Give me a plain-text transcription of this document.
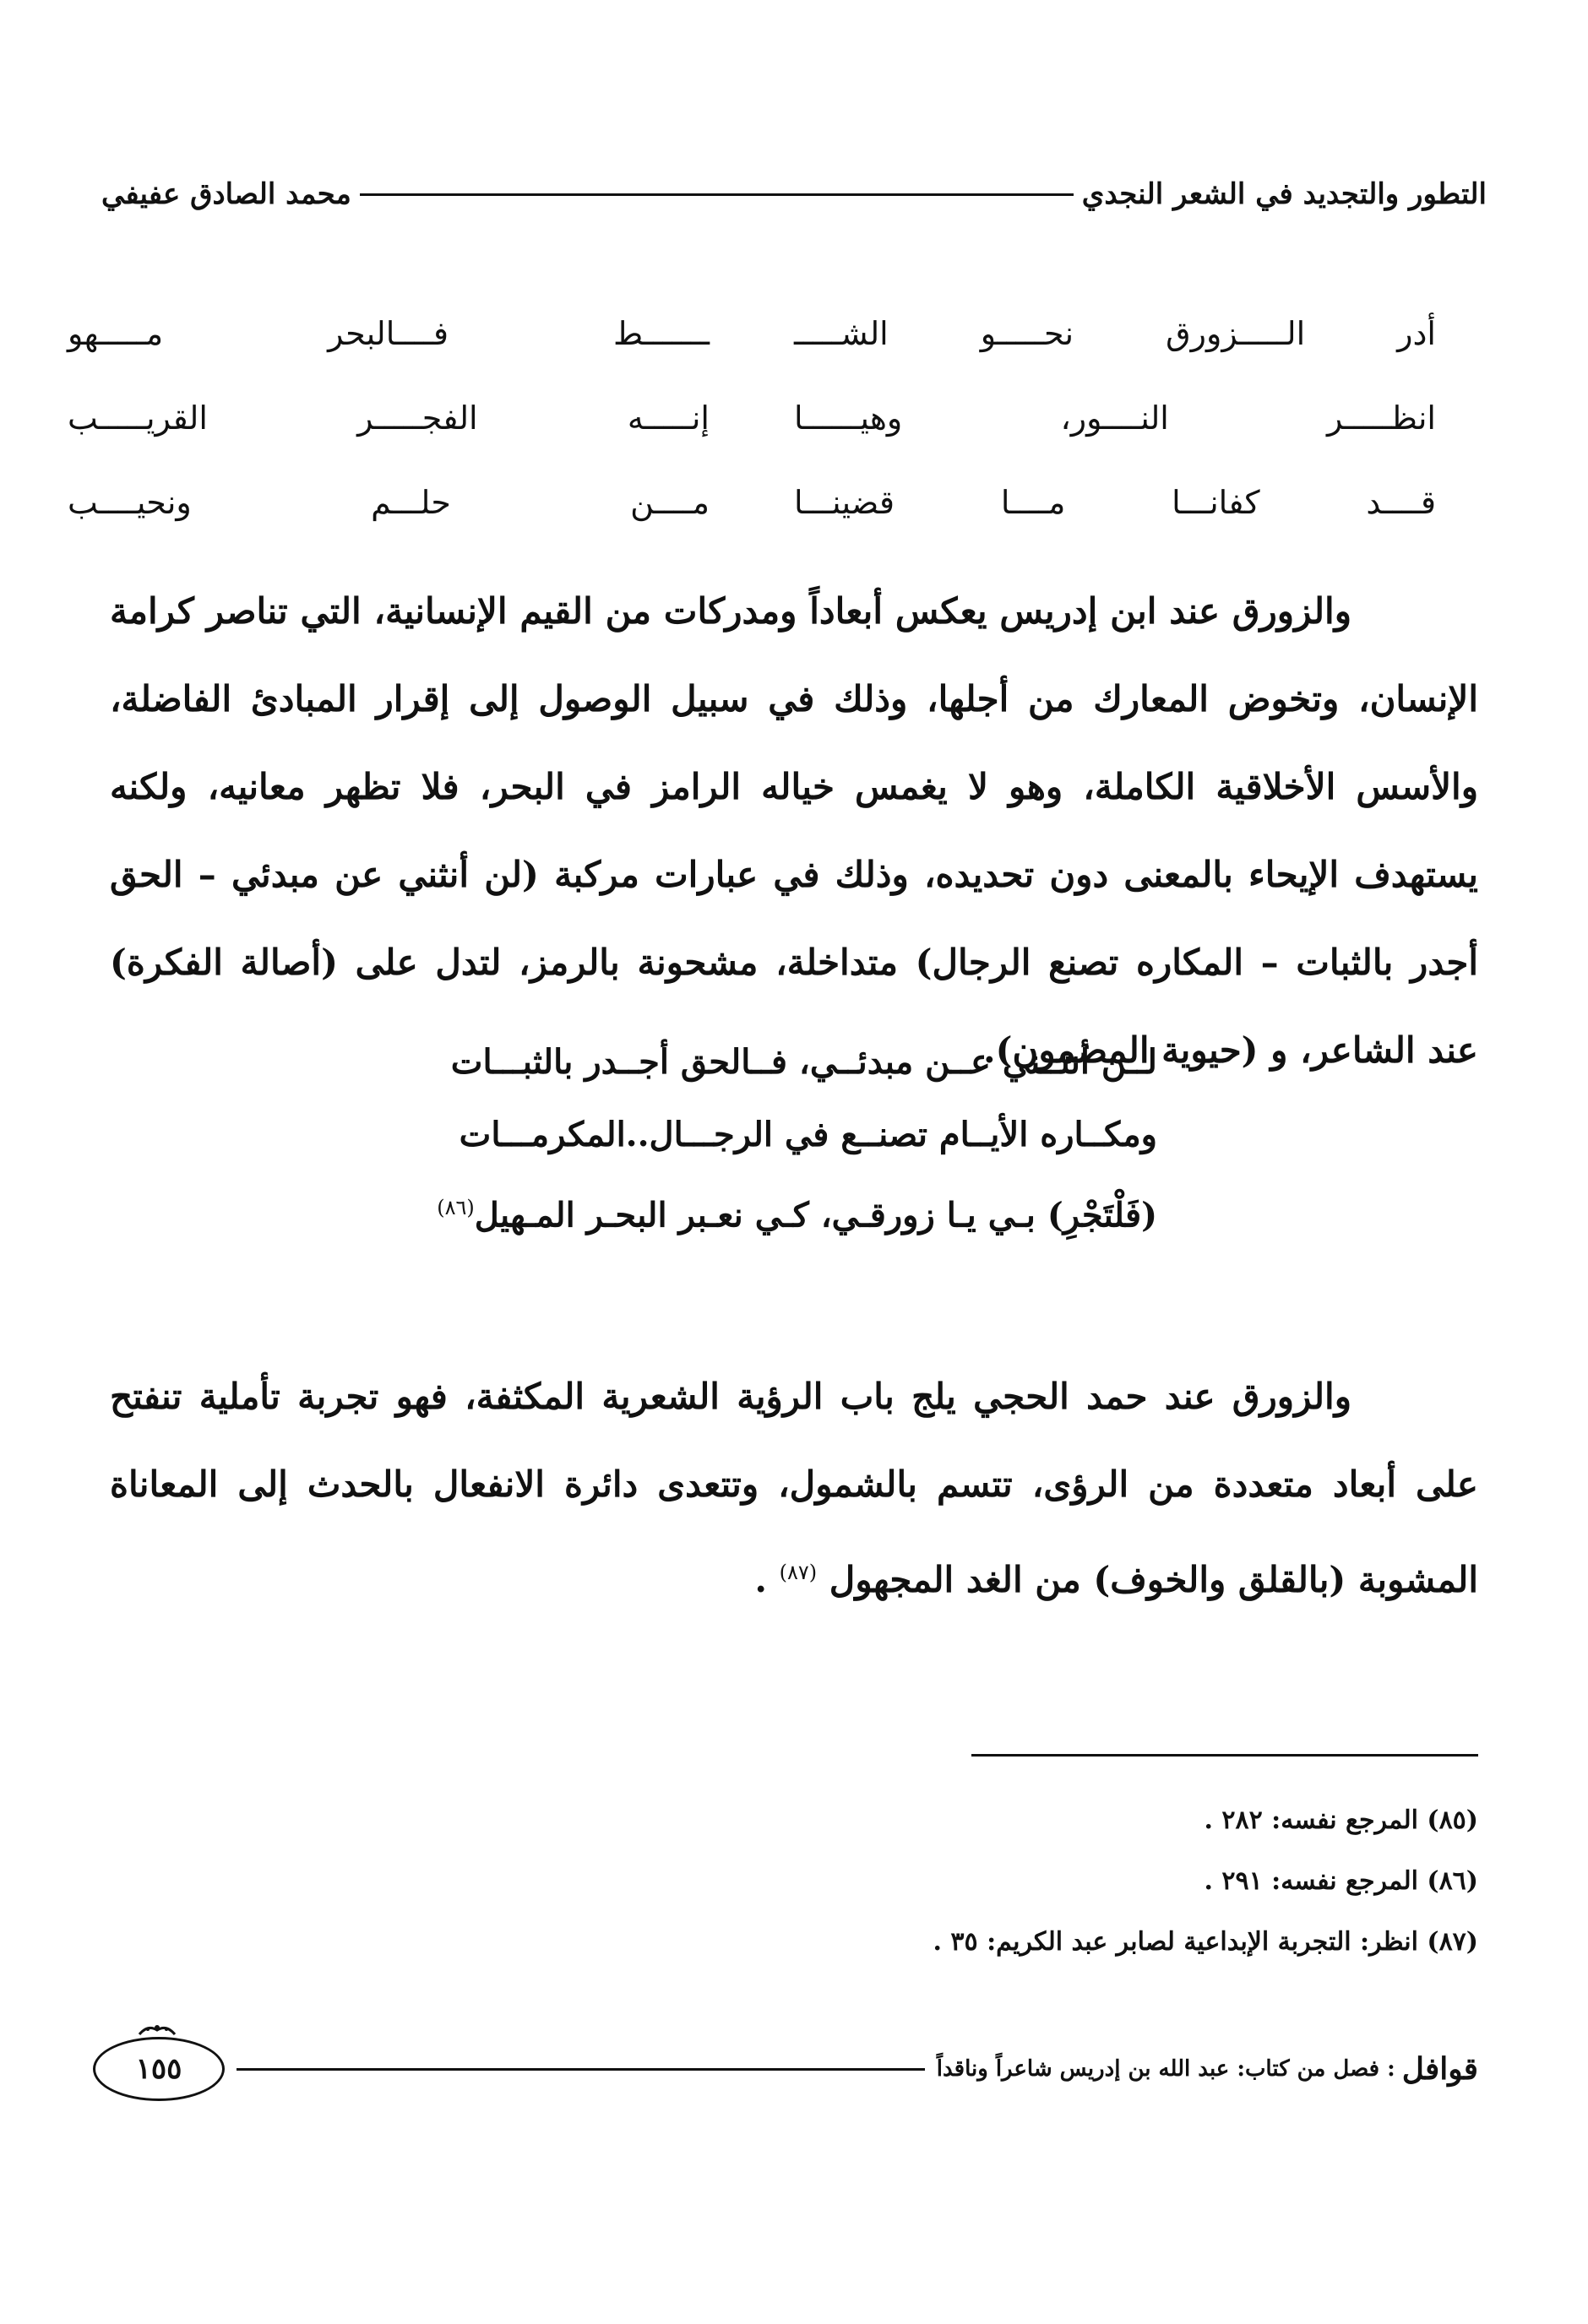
التطور والتجديد في الشعر النجدي
محمد الصادق عفيفي
أدر الـــــزورق نحـــــو الشـــــ
ـــــــط فــــالبحر مـــــهو
انظـــــر النــــور، وهيــــــا
إنـــــه الفجـــــر القريـــــب
قــــد كفانـــا مــــا قضينـــا
مــــن حلـــم ونحيــــب

والزورق عند ابن إدريس يعكس أبعاداً ومدركات من القيم الإنسانية، التي تناصر كرامة الإنسان، وتخوض المعارك من أجلها، وذلك في سبيل الوصول إلى إقرار المبادئ الفاضلة، والأسس الأخلاقية الكاملة، وهو لا يغمس خياله الرامز في البحر، فلا تظهر معانيه، ولكنه يستهدف الإيحاء بالمعنى دون تحديده، وذلك في عبارات مركبة (لن أنثني عن مبدئي – الحق أجدر بالثبات – المكاره تصنع الرجال) متداخلة، مشحونة بالرمز، لتدل على (أصالة الفكرة) عند الشاعر، و (حيوية المضمون).

لــن أنثــني عــن مبدئــي، فــالحق أجــدر بالثبـــات
ومكــاره الأيــام تصنــع في الرجـــال..المكرمـــات
(فَلْتَجْرِ) بـي يـا زورقـي، كـي نعـبر البحـر المـهيل$^{(٨٦)}$

والزورق عند حمد الحجي يلج باب الرؤية الشعرية المكثفة، فهو تجربة تأملية تنفتح على أبعاد متعددة من الرؤى، تتسم بالشمول، وتتعدى دائرة الانفعال بالحدث إلى المعاناة المشوبة (بالقلق والخوف) من الغد المجهول $^{(٨٧)}$ .

(٨٥) المرجع نفسه: ٢٨٢ .
(٨٦) المرجع نفسه: ٢٩١ .
(٨٧) انظر: التجربة الإبداعية لصابر عبد الكريم: ٣٥ .
قوافل
: فصل من كتاب: عبد الله بن إدريس شاعراً وناقداً
١٥٥
